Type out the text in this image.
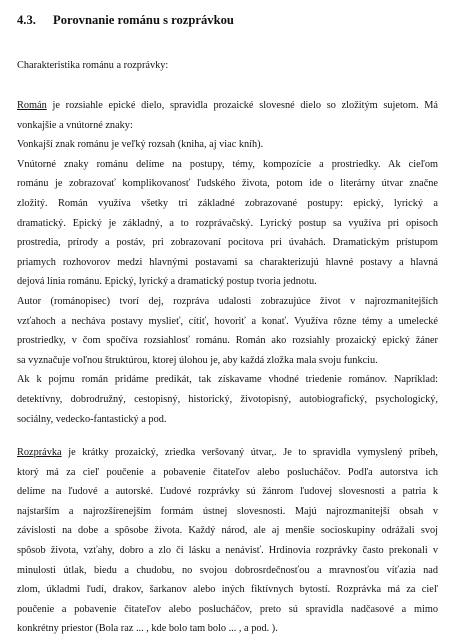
4.3. Porovnanie románu s rozprávkou
Charakteristika románu a rozprávky:
Román je rozsiahle epické dielo, spravidla prozaické slovesné dielo so zložitým sujetom. Má
vonkajšie a vnútorné znaky:
Vonkajší znak románu je veľký rozsah (kniha, aj viac kníh).
Vnútorné znaky románu delíme na postupy, témy, kompozície a prostriedky. Ak cieľom
románu je zobrazovať komplikovanosť ľudského života, potom ide o literárny útvar značne
zložitý. Román využíva všetky tri základné zobrazované postupy: epický, lyrický a
dramatický. Epický je základný, a to rozprávačský. Lyrický postup sa využíva pri opisoch
prostredia, prírody a postáv, pri zobrazovaní pocitova pri úvahách. Dramatickým prístupom
priamych rozhovorov medzi hlavnými postavami sa charakterizujú hlavné postavy a hlavná
dejová línia románu. Epický, lyrický a dramatický postup tvoria jednotu.
Autor (románopisec) tvorí dej, rozpráva udalosti zobrazujúce život v najrozmanitejších
vzťahoch a necháva postavy myslieť, cítiť, hovoriť a konať. Využíva rôzne témy a umelecké
prostriedky, v čom spočíva rozsiahlosť románu. Román ako rozsiahly prozaický epický žáner
sa vyznačuje voľnou štruktúrou, ktorej úlohou je, aby každá zložka mala svoju funkciu.
Ak k pojmu román pridáme predikát, tak získavame vhodné triedenie románov. Napríklad:
detektívny, dobrodružný, cestopisný, historický, životopisný, autobiografický, psychologický,
sociálny, vedecko-fantastický a pod.
Rozprávka je krátky prozaický, zriedka veršovaný útvar,. Je to spravidla vymyslený príbeh,
ktorý má za cieľ poučenie a pobavenie čitateľov alebo poslucháčov. Podľa autorstva ich
delíme na ľudové a autorské. Ľudové rozprávky sú žánrom ľudovej slovesnosti a patria k
najstarším a najrozšírenejším formám ústnej slovesnosti. Majú najrozmanitejší obsah v
závislosti na dobe a spôsobe života. Každý národ, ale aj menšie socioskupiny odrážali svoj
spôsob života, vzťahy, dobro a zlo či lásku a nenávisť. Hrdinovia rozprávky často prekonali v
minulosti útlak, biedu a chudobu, no svojou dobrosrdečnosťou a mravnosťou víťazia nad
zlom, úkladmi ľudí, drakov, šarkanov alebo iných fiktívnych bytostí. Rozprávka má za cieľ
poučenie a pobavenie čitateľov alebo poslucháčov, preto sú spravidla nadčasové a mimo
konkrétny priestor (Bola raz ... , kde bolo tam bolo ... , a pod. ).
